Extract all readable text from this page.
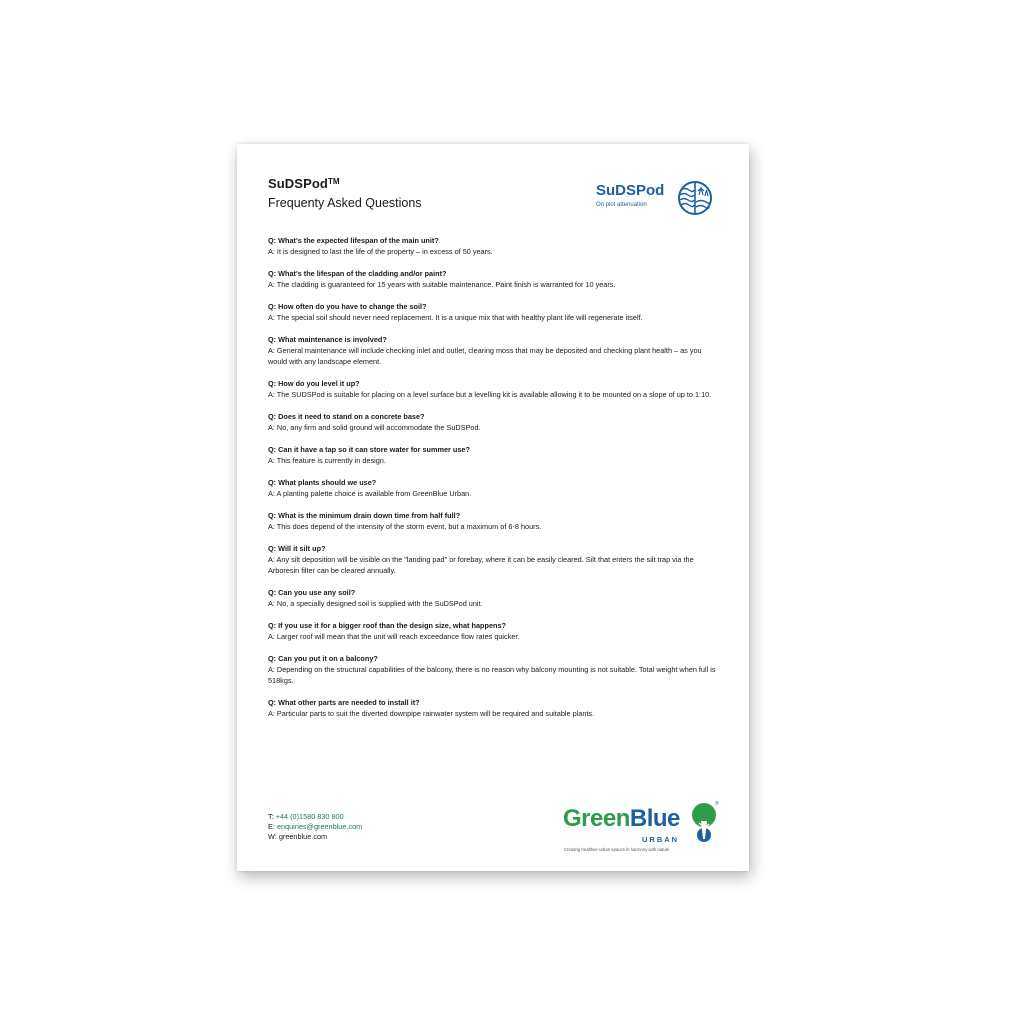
SuDSPod™
Frequenty Asked Questions
SuDSPod
On plot attenuation
Q: What's the expected lifespan of the main unit?
A: It is designed to last the life of the property – in excess of 50 years.
Q: What's the lifespan of the cladding and/or paint?
A: The cladding is guaranteed for 15 years with suitable maintenance. Paint finish is warranted for 10 years.
Q: How often do you have to change the soil?
A: The special soil should never need replacement. It is a unique mix that with healthy plant life will regenerate itself.
Q: What maintenance is involved?
A: General maintenance will include checking inlet and outlet, clearing moss that may be deposited and checking plant health – as you would with any landscape element.
Q: How do you level it up?
A: The SUDSPod is suitable for placing on a level surface but a levelling kit is available allowing it to be mounted on a slope of up to 1:10.
Q: Does it need to stand on a concrete base?
A: No, any firm and solid ground will accommodate the SuDSPod.
Q: Can it have a tap so it can store water for summer use?
A: This feature is currently in design.
Q: What plants should we use?
A: A planting palette choice is available from GreenBlue Urban.
Q: What is the minimum drain down time from half full?
A: This does depend of the intensity of the storm event, but a maximum of 6-8 hours.
Q: Will it silt up?
A: Any silt deposition will be visible on the "landing pad" or forebay, where it can be easily cleared. Silt that enters the silt trap via the Arboresin filter can be cleared annually.
Q: Can you use any soil?
A: No, a specially designed soil is supplied with the SuDSPod unit.
Q: If you use it for a bigger roof than the design size, what happens?
A: Larger roof will mean that the unit will reach exceedance flow rates quicker.
Q: Can you put it on a balcony?
A: Depending on the structural capabilities of the balcony, there is no reason why balcony mounting is not suitable. Total weight when full is 518kgs.
Q: What other parts are needed to install it?
A: Particular parts to suit the diverted downpipe rainwater system will be required and suitable plants.
T: +44 (0)1580 830 800
E: enquiries@greenblue.com
W: greenblue.com
GreenBlue
URBAN
®
Creating healthier urban spaces in harmony with nature
